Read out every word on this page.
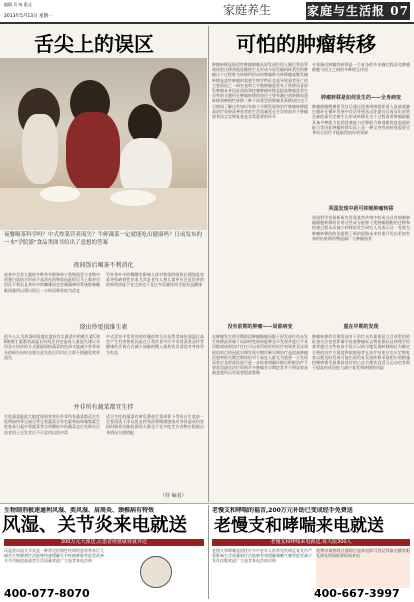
编辑 肖 纸 版式
2013年5月13日 星期一	家庭养生	家庭与生活报 07
舌尖上的误区	可怕的肿瘤转移
夜餐喝茶科学吗？中式炒菜营养流失？牛鲜蔬菜一定就能吃出健康吗？日前发布的一本"学院派"食品类图书给出了意想的答案
夜间饭后喝茶不利消化
夜茶中含有大量的多种茶多酚和单宁类物质会与食物中的蛋白质结合形成不易消化的物质因此饭后马上喝茶对消化不利而且茶叶中的咖啡因也会刺激神经系统影响睡眠质量所以建议饭后一小时再喝茶较为适宜
另外茶叶中的鞣酸会影响人体对铁质的吸收长期如此容易导致缺铁性贫血尤其是老年人和儿童更应注意饮茶的时间和浓度不宜过浓也不宜过多适量饮用才能有益健康
烧出炒更损维生素
很多人认为炒菜时间越长越好其实蔬菜中的维生素C和B族维生素都怕高温长时间烹炒会造成大量流失建议采用急火快炒的方式既能保持蔬菜的色泽又能减少营养成分的损失同时也要注意先洗后切切后立即下锅避免营养流失
中式烹饪中常用的煎炸爆炒等方法虽然美味但油温过高会产生有害物质因此在日常饮食中应多采用蒸煮凉拌等健康的烹调方式减少油脂的摄入保持饮食清淡对身体更为有益
并非所有蔬菜都宜生拌
生吃蔬菜能最大限度保留营养但并非所有蔬菜都适合生吃例如四季豆扁豆等豆类蔬菜含有皂素和血球凝集素生吃容易引起中毒菠菜等含草酸较多的蔬菜也应先焯水后再食用土豆发芽后不可食用以免中毒
适合生吃的蔬菜有黄瓜番茄生菜胡萝卜等但在生吃前一定要清洗干净以免农药残留和细菌感染对身体造成伤害同时肠胃功能较弱的人群也不宜多吃生冷食物应根据自身情况合理搭配
（待 编者）
肿瘤转移是指恶性肿瘤细胞从原发部位侵入淋巴管血管或体腔迁移到他处继续生长形成与原发瘤同样类型的肿瘤这个过程称为转移所形成的肿瘤称为转移瘤或继发瘤转移是恶性肿瘤的重要生物学特征也是导致患者死亡的主要原因之一研究表明大多数肿瘤患者死于转移而非原发肿瘤本身因此预防和控制肿瘤转移是提高肿瘤患者生存率的关键所在肿瘤转移的途径主要有淋巴道转移血道转移和种植性转移三种不同类型的肿瘤其转移途径也不尽相同了解这些知识有助于早期发现和治疗肿瘤转移提高治疗效果改善患者的生活质量延长生存时间对于肿瘤患者而言定期复查是非常重要的环节
专家指出肿瘤的转移是一个复杂的多步骤过程涉及肿瘤细胞与宿主之间的多种相互作用
肿瘤转移是如何发生的——全身病变
肿瘤细胞脱离原发灶后通过侵袭周围组织进入血液或淋巴循环在循环系统中存活并到达远处器官后再穿出血管在新的部位定植生长形成转移灶这个过程需要肿瘤细胞具备多种能力包括侵袭能力迁移能力和逃避免疫监视的能力等因此肿瘤转移实际上是一种全身性的病变需要全身综合治疗才能取得较好的效果
英国发现中药可抑制肿瘤转移
英国科学家最新研究发现某些传统中药成分具有抑制肿瘤细胞转移的作用这些成分能够干扰肿瘤细胞的迁移和侵袭过程从而减少转移的发生研究人员表示这一发现为肿瘤转移的防治提供了新的思路未来有望开发出更加有效的抗转移药物造福广大肿瘤患者
没有前期的肿瘤——局部病变
在肿瘤发生的早期阶段肿瘤细胞局限于原发部位尚未发生转移此时属于局部病变如果能够及早发现并进行手术切除或放射治疗往往可以获得较好的治疗效果甚至达到根治的目的因此早期发现早期诊断早期治疗是提高肿瘤治愈率的关键定期体检对于高危人群尤为重要一旦发现异常应及时就医进行进一步检查明确诊断后积极治疗不要延误最佳治疗时机许多肿瘤在早期症状并不明显容易被忽视所以更需要提高警惕
重在早期的发现
肿瘤转移的早期发现对于治疗具有重要意义目前常用的检查方法包括影像学检查肿瘤标志物检测以及病理学检查等通过这些检查手段可以较早地发现转移病灶为制定合理的治疗方案提供依据患者在治疗结束后也应定期复查以便及时发现可能出现的复发或转移采取相应的措施控制病情发展保持良好的心态合理饮食适当运动也有助于提高机体免疫力减少复发和转移的风险
生物制剂极速通利风湿、类风湿、肩周炎、颈椎病有特效
风湿、关节炎来电就送
300万元大派送,让患者痊愈就将就养送
风湿类风湿关节炎是一种常见的慢性疾病给患者带来巨大痛苦生物制剂疗法能够快速缓解关节疼痛肿胀等症状改善关节功能提高患者生活质量欢迎广大患者来电咨询
400-077-8070
老慢支和哮喘的福音,200万元补助已变成经手免费送
老慢支和哮喘来电就送
老慢支和哮喘来电就送,每天限300人
老慢支和哮喘是困扰许多中老年人的常见疾病反复发作严重影响生活质量新疗法能够有效缓解咳嗽气喘等症状减少发作次数欢迎广大患者来电咨询详情
免费申请热线开通即日起来电即可登记领取名额有限先到先得请抓紧时间来电
400-667-3997
